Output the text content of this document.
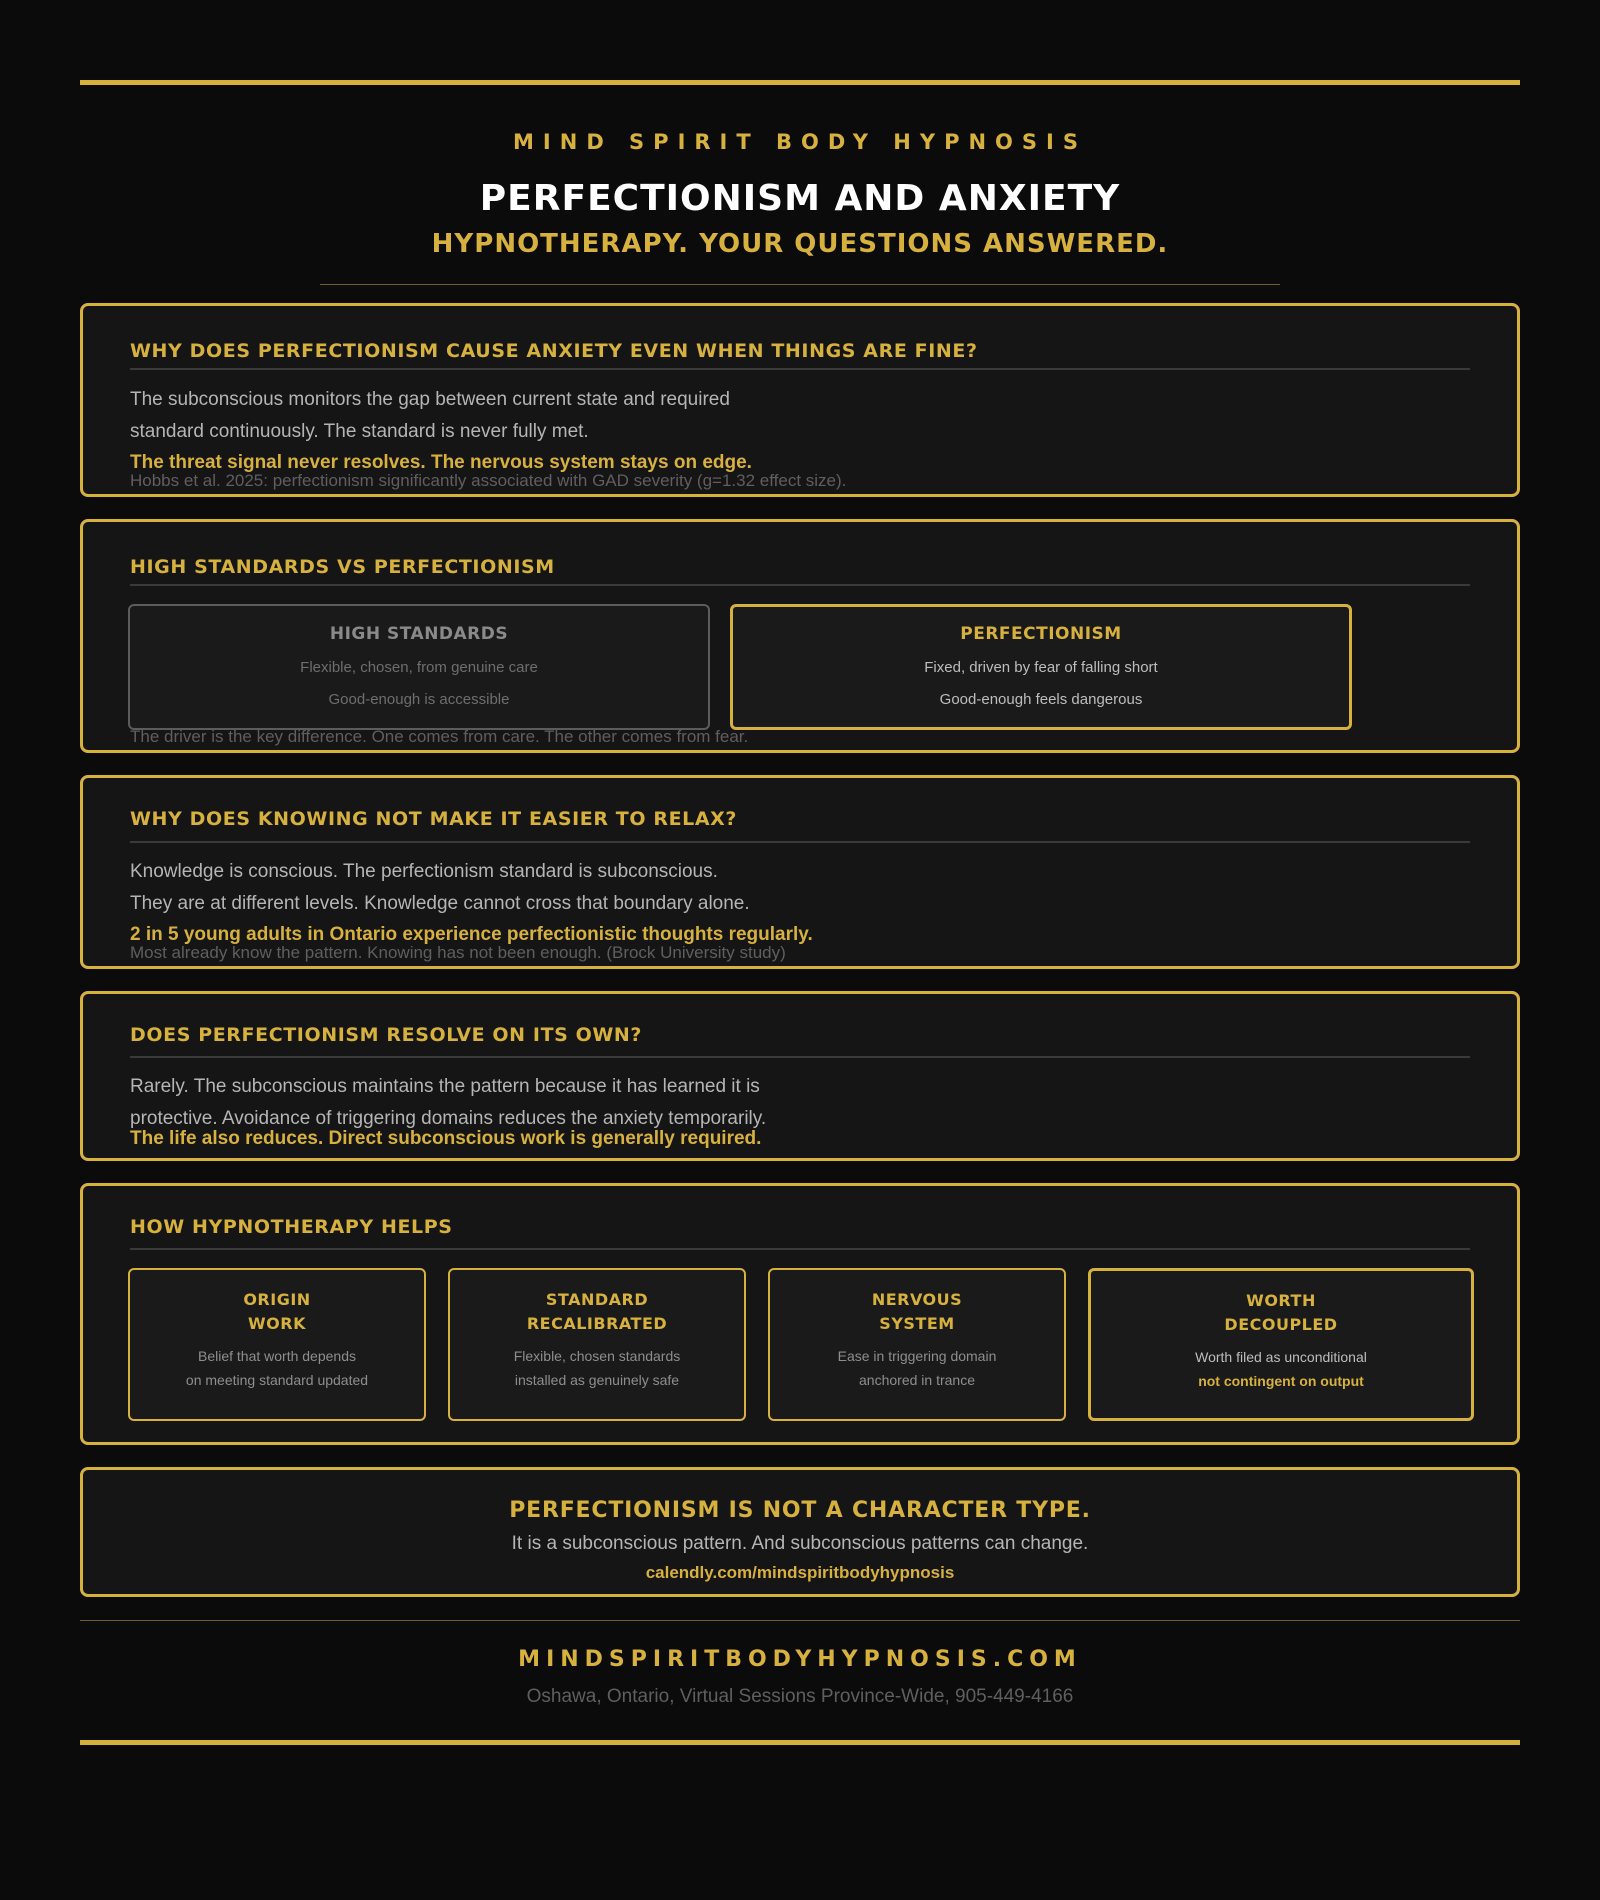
MIND SPIRIT BODY HYPNOSIS
PERFECTIONISM AND ANXIETY
HYPNOTHERAPY. YOUR QUESTIONS ANSWERED.
WHY DOES PERFECTIONISM CAUSE ANXIETY EVEN WHEN THINGS ARE FINE?

The subconscious monitors the gap between current state and required
standard continuously. The standard is never fully met.

The threat signal never resolves. The nervous system stays on edge.

Hobbs et al. 2025: perfectionism significantly associated with GAD severity (g=1.32 effect size).

HIGH STANDARDS VS PERFECTIONISM
HIGH STANDARDS

Flexible, chosen, from genuine care

Good-enough is accessible

PERFECTIONISM

Fixed, driven by fear of falling short

Good-enough feels dangerous

The driver is the key difference. One comes from care. The other comes from fear.

WHY DOES KNOWING NOT MAKE IT EASIER TO RELAX?

Knowledge is conscious. The perfectionism standard is subconscious.
They are at different levels. Knowledge cannot cross that boundary alone.

2 in 5 young adults in Ontario experience perfectionistic thoughts regularly.

Most already know the pattern. Knowing has not been enough. (Brock University study)

DOES PERFECTIONISM RESOLVE ON ITS OWN?

Rarely. The subconscious maintains the pattern because it has learned it is
protective. Avoidance of triggering domains reduces the anxiety temporarily.

The life also reduces. Direct subconscious work is generally required.

HOW HYPNOTHERAPY HELPS
ORIGIN
WORK

Belief that worth depends
on meeting standard updated

STANDARD
RECALIBRATED

Flexible, chosen standards
installed as genuinely safe

NERVOUS
SYSTEM

Ease in triggering domain
anchored in trance

WORTH
DECOUPLED

Worth filed as unconditional
not contingent on output

PERFECTIONISM IS NOT A CHARACTER TYPE.

It is a subconscious pattern. And subconscious patterns can change.

calendly.com/mindspiritbodyhypnosis

MINDSPIRITBODYHYPNOSIS.COM
Oshawa, Ontario, Virtual Sessions Province-Wide, 905-449-4166
